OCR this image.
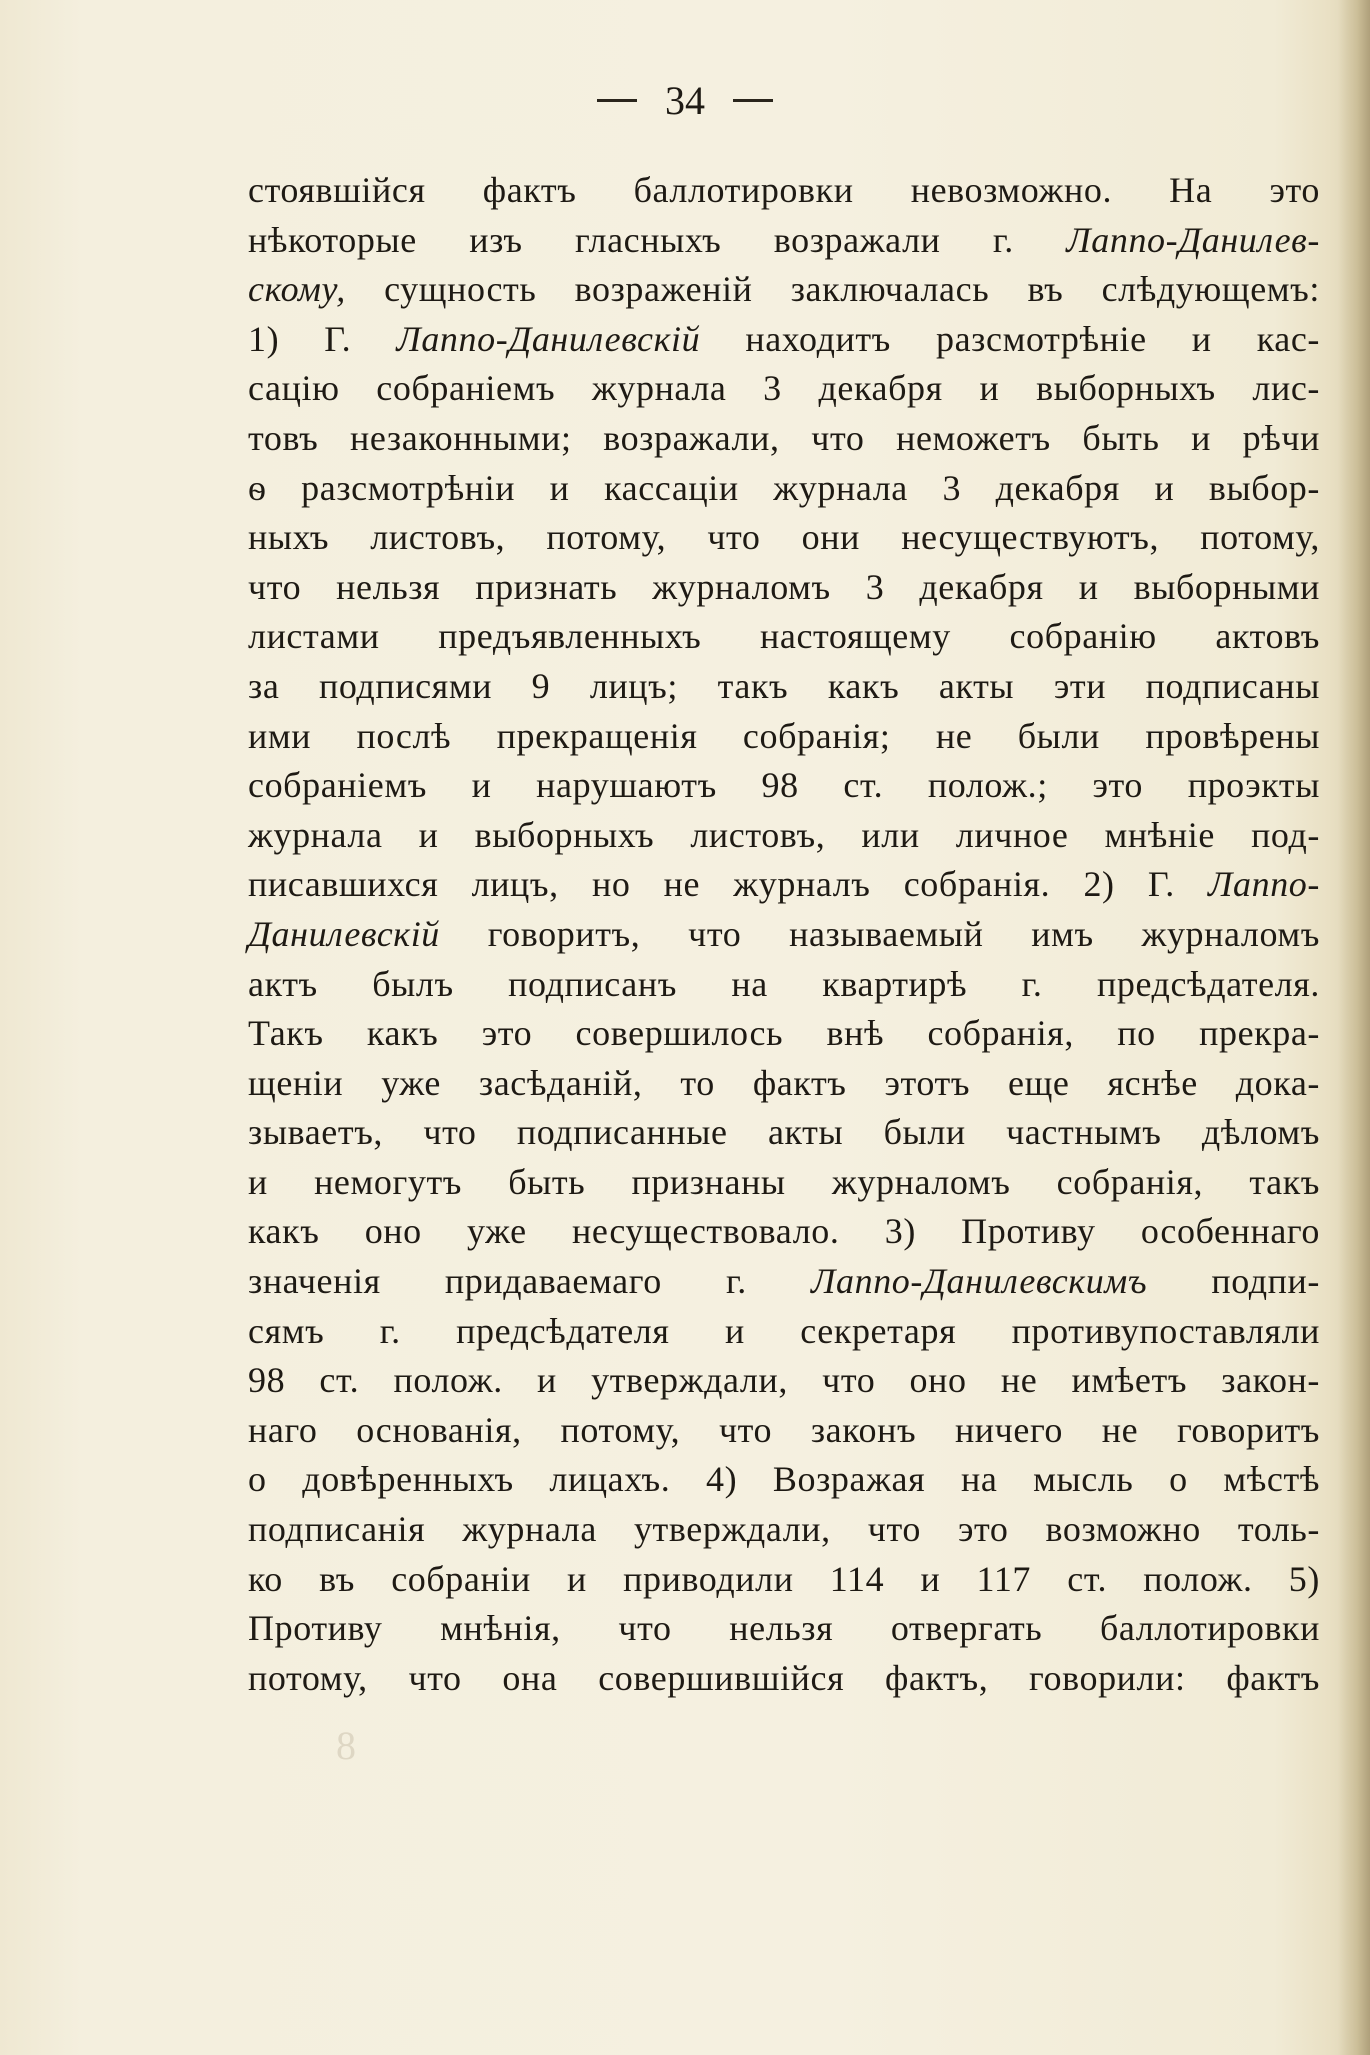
34
стоявшійся фактъ баллотировки невозможно. На это
нѣкоторые изъ гласныхъ возражали г. Лаппо-Данилев-
скому, сущность возраженій заключалась въ слѣдующемъ:
1) Г. Лаппо-Данилевскій находитъ разсмотрѣніе и кас-
сацію собраніемъ журнала 3 декабря и выборныхъ лис-
товъ незаконными; возражали, что неможетъ быть и рѣчи
ѳ разсмотрѣніи и кассаціи журнала 3 декабря и выбор-
ныхъ листовъ, потому, что они несуществуютъ, потому,
что нельзя признать журналомъ 3 декабря и выборными
листами предъявленныхъ настоящему собранію актовъ
за подписями 9 лицъ; такъ какъ акты эти подписаны
ими послѣ прекращенія собранія; не были провѣрены
собраніемъ и нарушаютъ 98 ст. полож.; это проэкты
журнала и выборныхъ листовъ, или личное мнѣніе под-
писавшихся лицъ, но не журналъ собранія. 2) Г. Лаппо-
Данилевскій говоритъ, что называемый имъ журналомъ
актъ былъ подписанъ на квартирѣ г. предсѣдателя.
Такъ какъ это совершилось внѣ собранія, по прекра-
щеніи уже засѣданій, то фактъ этотъ еще яснѣе дока-
зываетъ, что подписанные акты были частнымъ дѣломъ
и немогутъ быть признаны журналомъ собранія, такъ
какъ оно уже несуществовало. 3) Противу особеннаго
значенія придаваемаго г. Лаппо-Данилевскимъ подпи-
сямъ г. предсѣдателя и секретаря противупоставляли
98 ст. полож. и утверждали, что оно не имѣетъ закон-
наго основанія, потому, что законъ ничего не говоритъ
о довѣренныхъ лицахъ. 4) Возражая на мысль о мѣстѣ
подписанія журнала утверждали, что это возможно толь-
ко въ собраніи и приводили 114 и 117 ст. полож. 5)
Противу мнѣнія, что нельзя отвергать баллотировки
потому, что она совершившійся фактъ, говорили: фактъ
8
